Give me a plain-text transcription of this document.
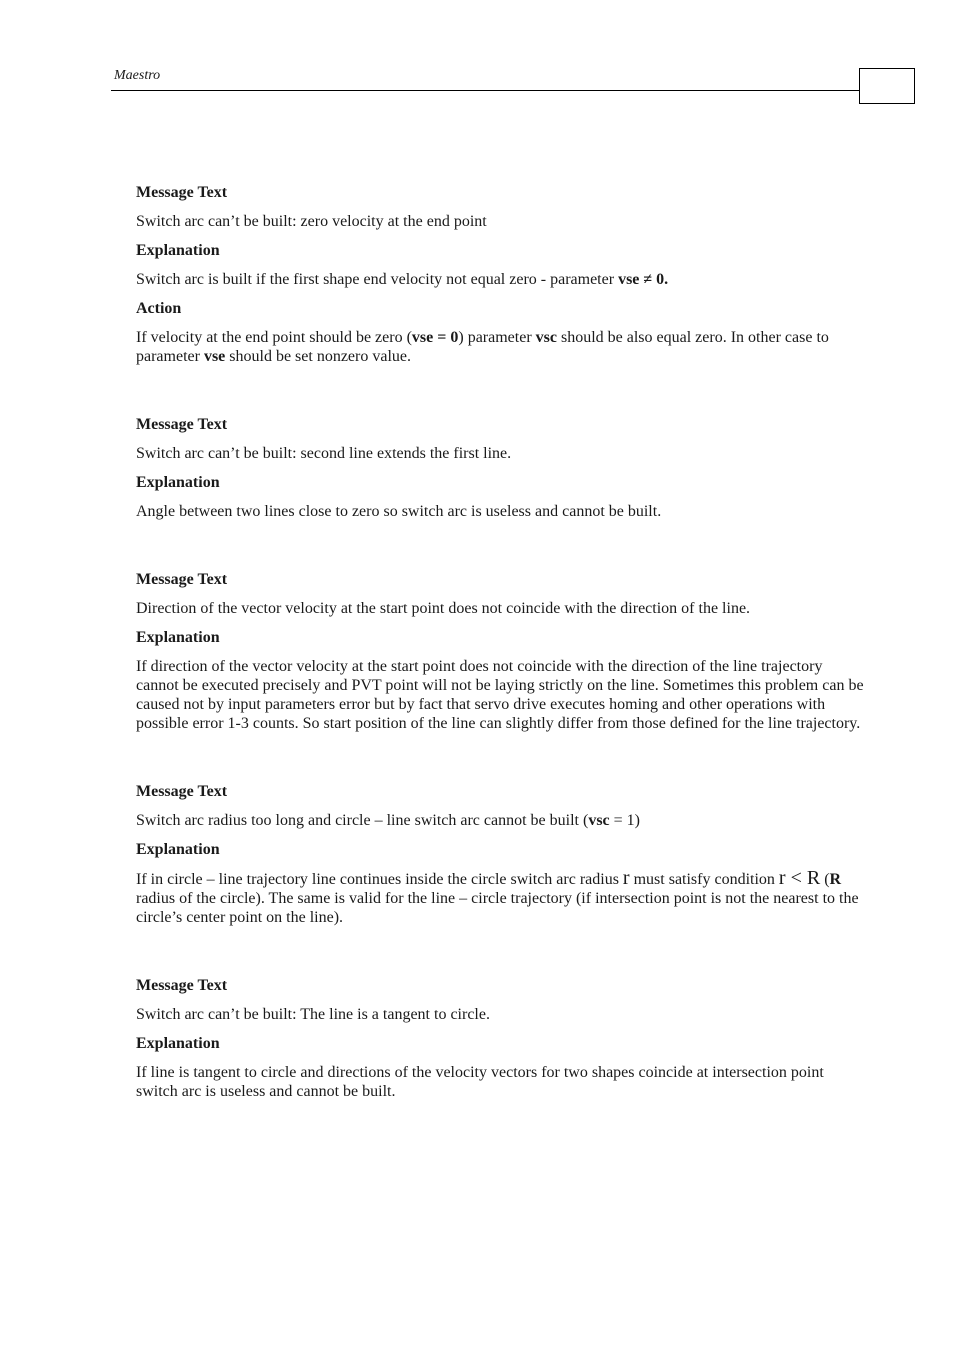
Maestro
Message Text
Switch arc can’t be built: zero velocity at the end point
Explanation
Switch arc is built if the first shape end velocity not equal zero - parameter vse ≠ 0.
Action
If velocity at the end point should be zero (vse = 0) parameter vsc should be also equal zero. In other case to parameter vse should be set nonzero value.
Message Text
Switch arc can’t be built: second line extends the first line.
Explanation
Angle between two lines close to zero so switch arc is useless and cannot be built.
Message Text
Direction of the vector velocity at the start point does not coincide with the direction of the line.
Explanation
If direction of the vector velocity at the start point does not coincide with the direction of the line trajectory cannot be executed precisely and PVT point will not be laying strictly on the line. Sometimes this problem can be caused not by input parameters error but by fact that servo drive executes homing and other operations with possible error 1-3 counts. So start position of the line can slightly differ from those defined for the line trajectory.
Message Text
Switch arc radius too long and circle – line switch arc cannot be built (vsc = 1)
Explanation
If in circle – line trajectory line continues inside the circle switch arc radius r must satisfy condition r < R (R radius of the circle). The same is valid for the line – circle trajectory (if intersection point is not the nearest to the circle’s center point on the line).
Message Text
Switch arc can’t be built: The line is a tangent to circle.
Explanation
If line is tangent to circle and directions of the velocity vectors for two shapes coincide at intersection point switch arc is useless and cannot be built.
